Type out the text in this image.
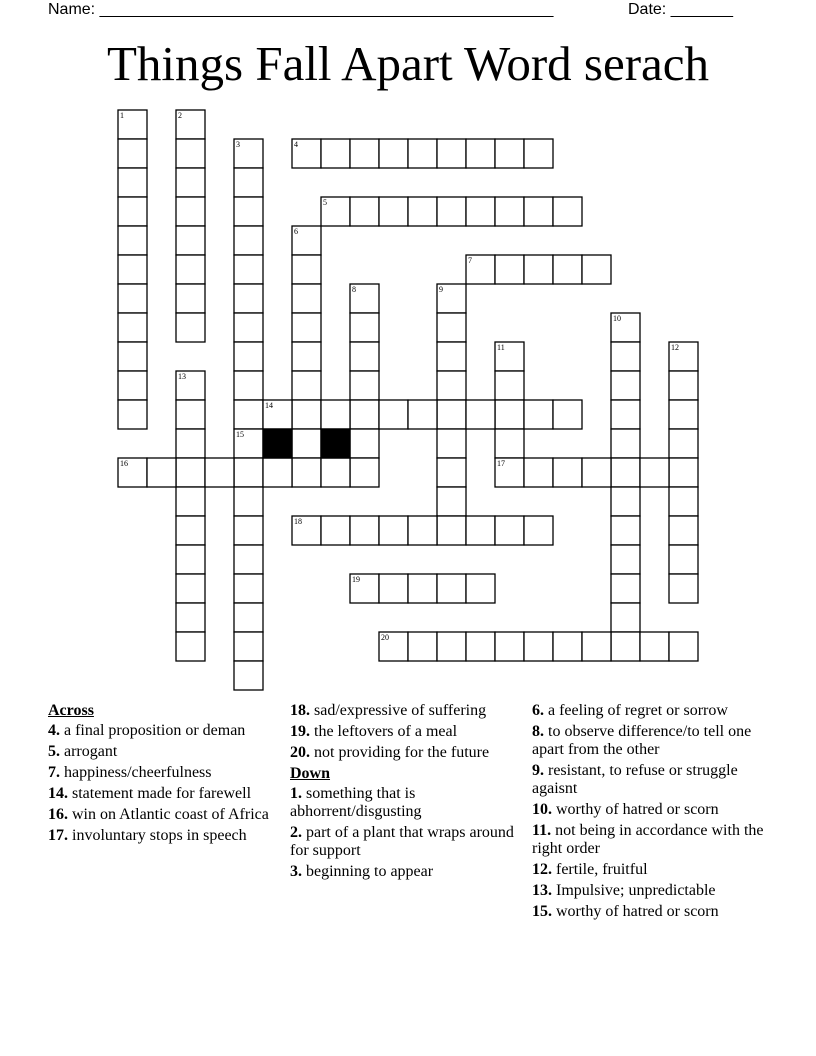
Name: ___________________________________________________	Date: _______
Things Fall Apart Word serach
1	2
3	4
5
6
7
8	9
10
11	12
13
14
15
16	17
18
19
20
Across
4. a final proposition or deman
5. arrogant
7. happiness/cheerfulness
14. statement made for farewell
16. win on Atlantic coast of Africa
17. involuntary stops in speech
18. sad/expressive of suffering
19. the leftovers of a meal
20. not providing for the future
Down
1. something that is abhorrent/disgusting
2. part of a plant that wraps around for support
3. beginning to appear
6. a feeling of regret or sorrow
8. to observe difference/to tell one apart from the other
9. resistant, to refuse or struggle agaisnt
10. worthy of hatred or scorn
11. not being in accordance with the right order
12. fertile, fruitful
13. Impulsive; unpredictable
15. worthy of hatred or scorn
